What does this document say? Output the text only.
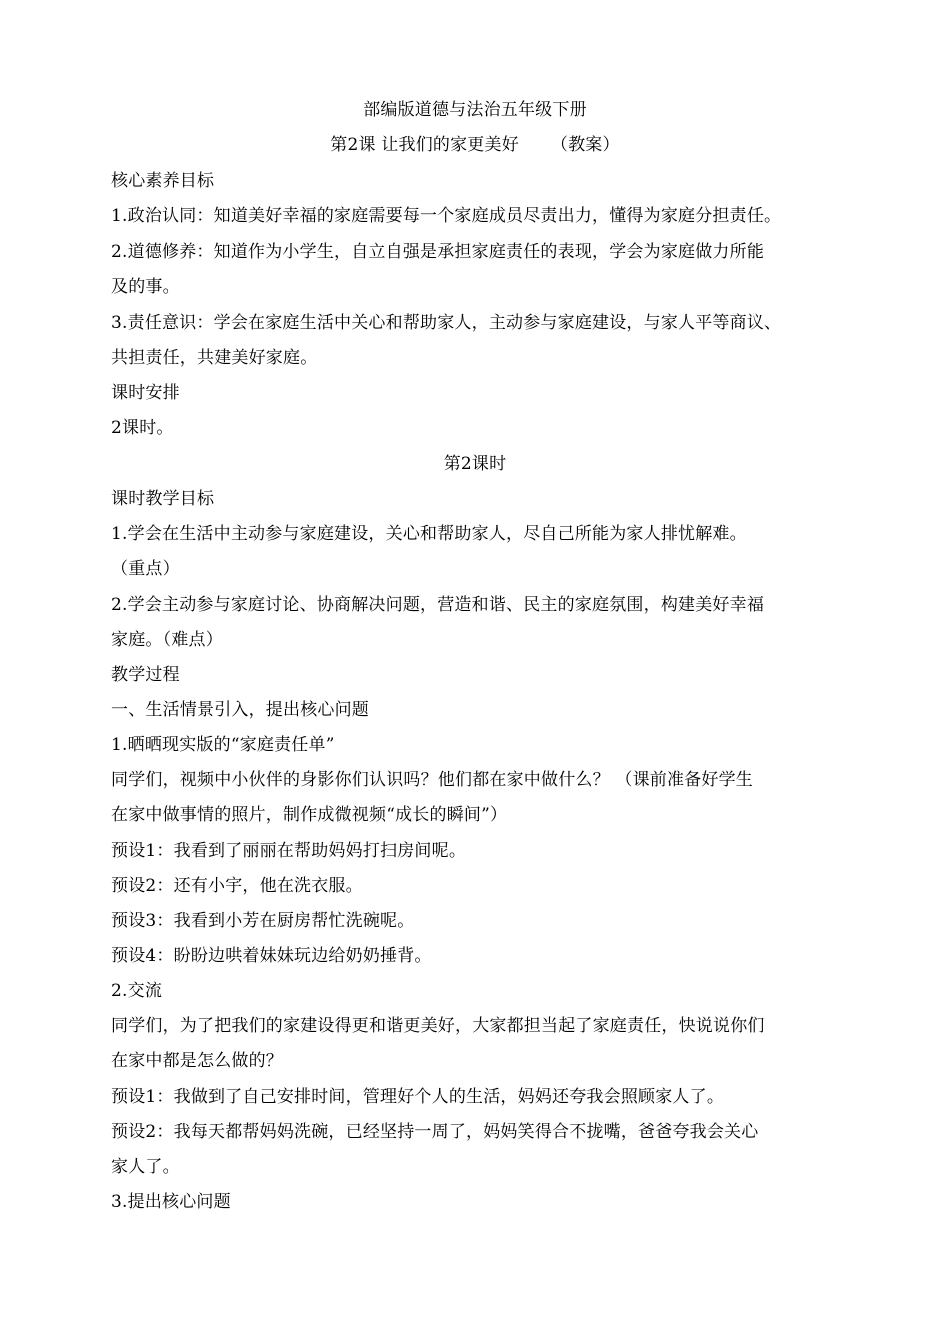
部编版道德与法治五年级下册
第2课 让我们的家更美好 （教案）
核心素养目标
1.政治认同：知道美好幸福的家庭需要每一个家庭成员尽责出力，懂得为家庭分担责任。
2.道德修养：知道作为小学生，自立自强是承担家庭责任的表现，学会为家庭做力所能
及的事。
3.责任意识：学会在家庭生活中关心和帮助家人，主动参与家庭建设，与家人平等商议、
共担责任，共建美好家庭。
课时安排
2课时。
第2课时
课时教学目标
1.学会在生活中主动参与家庭建设，关心和帮助家人，尽自己所能为家人排忧解难。
（重点）
2.学会主动参与家庭讨论、协商解决问题，营造和谐、民主的家庭氛围，构建美好幸福
家庭。（难点）
教学过程
一、生活情景引入，提出核心问题
1.晒晒现实版的“家庭责任单”
同学们，视频中小伙伴的身影你们认识吗？他们都在家中做什么？ （课前准备好学生
在家中做事情的照片，制作成微视频“成长的瞬间”）
预设1：我看到了丽丽在帮助妈妈打扫房间呢。
预设2：还有小宇，他在洗衣服。
预设3：我看到小芳在厨房帮忙洗碗呢。
预设4：盼盼边哄着妹妹玩边给奶奶捶背。
2.交流
同学们，为了把我们的家建设得更和谐更美好，大家都担当起了家庭责任，快说说你们
在家中都是怎么做的？
预设1：我做到了自己安排时间，管理好个人的生活，妈妈还夸我会照顾家人了。
预设2：我每天都帮妈妈洗碗，已经坚持一周了，妈妈笑得合不拢嘴，爸爸夸我会关心
家人了。
3.提出核心问题
